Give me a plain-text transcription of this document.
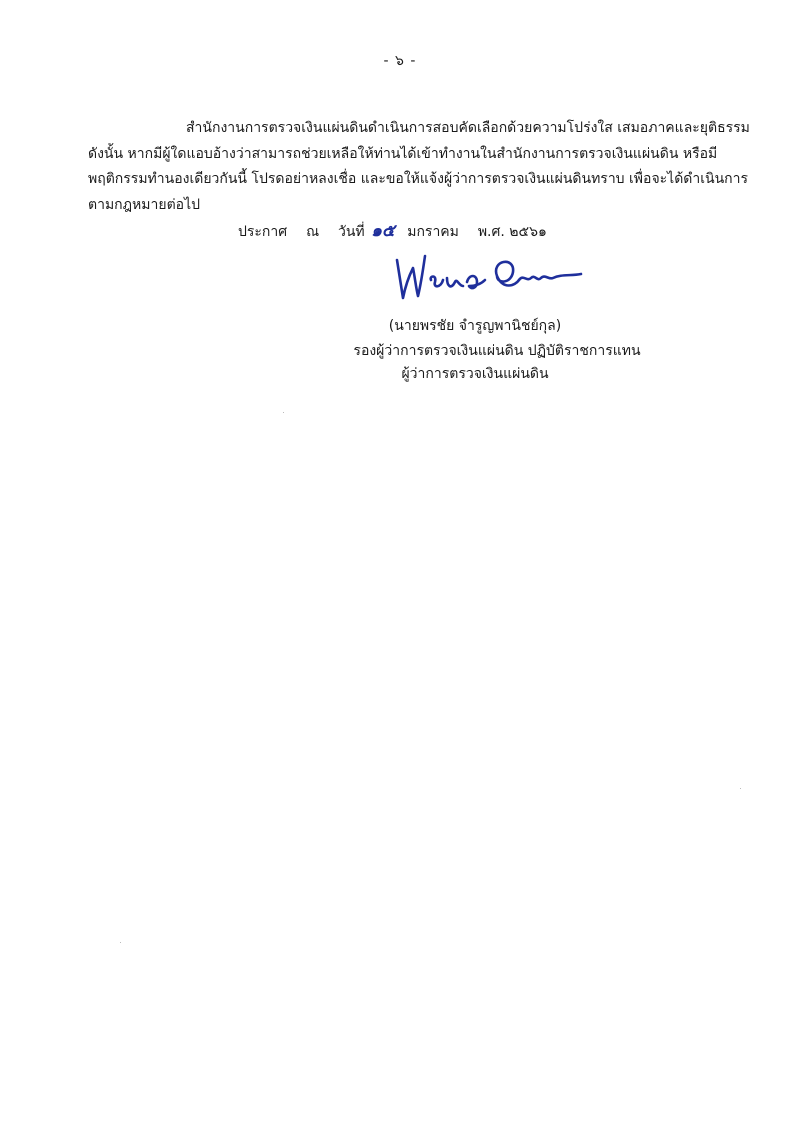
- ๖ -
สำนักงานการตรวจเงินแผ่นดินดำเนินการสอบคัดเลือกด้วยความโปร่งใส เสมอภาคและยุติธรรม
ดังนั้น หากมีผู้ใดแอบอ้างว่าสามารถช่วยเหลือให้ท่านได้เข้าทำงานในสำนักงานการตรวจเงินแผ่นดิน หรือมี
พฤติกรรมทำนองเดียวกันนี้ โปรดอย่าหลงเชื่อ และขอให้แจ้งผู้ว่าการตรวจเงินแผ่นดินทราบ เพื่อจะได้ดำเนินการ
ตามกฎหมายต่อไป
ประกาศ ณ วันที่ ๑๕ มกราคม พ.ศ. ๒๕๖๑
(นายพรชัย จำรูญพานิชย์กุล)
รองผู้ว่าการตรวจเงินแผ่นดิน ปฏิบัติราชการแทน
ผู้ว่าการตรวจเงินแผ่นดิน
